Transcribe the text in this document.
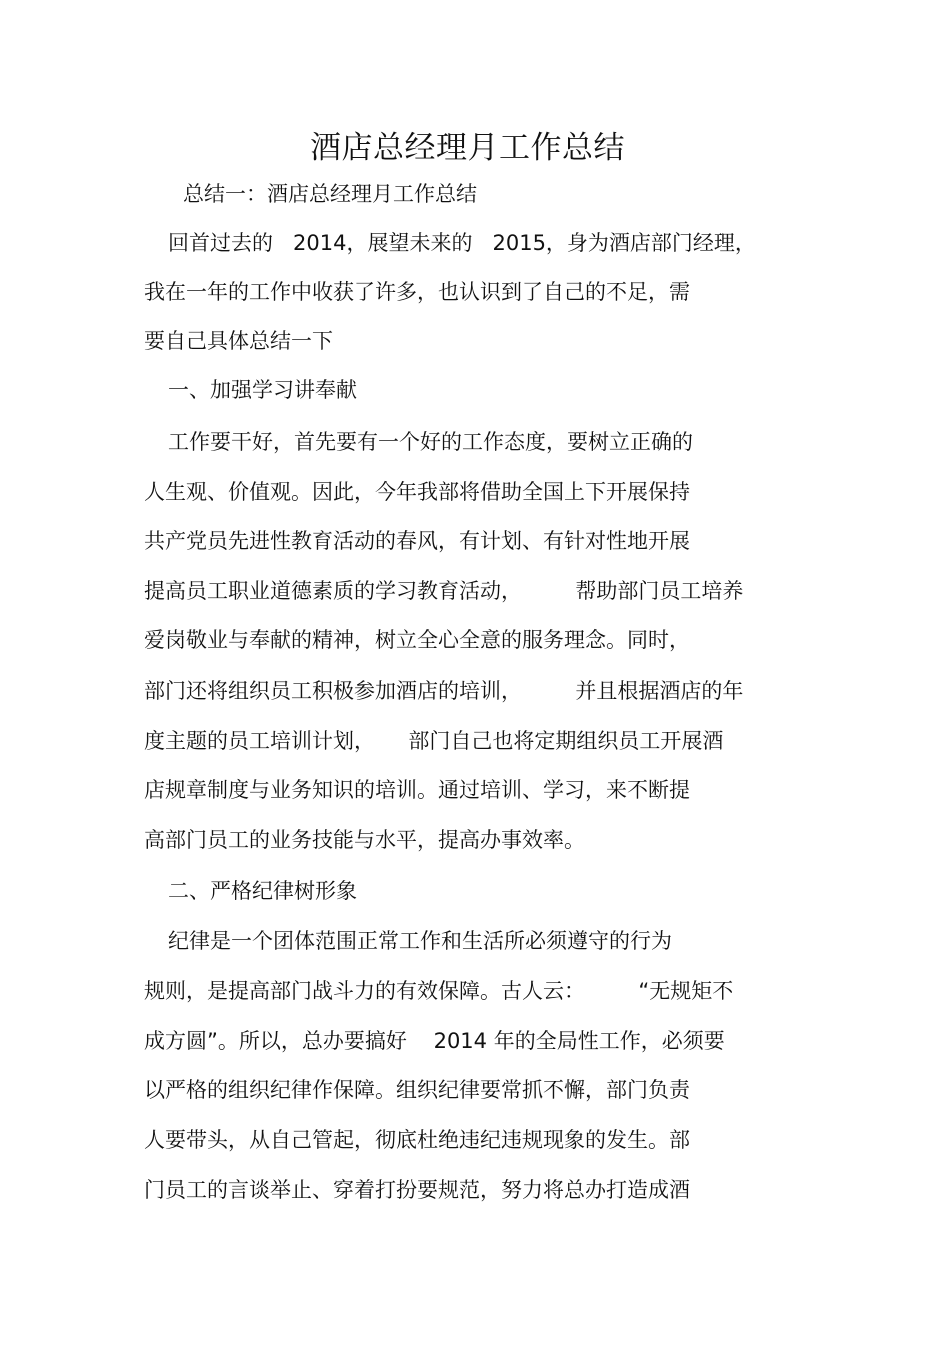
酒店总经理月工作总结
总结一：酒店总经理月工作总结
回首过去的   2014，展望未来的   2015，身为酒店部门经理，
我在一年的工作中收获了许多，也认识到了自己的不足，需
要自己具体总结一下
一、加强学习讲奉献
工作要干好，首先要有一个好的工作态度，要树立正确的
人生观、价值观。因此，今年我部将借助全国上下开展保持
共产党员先进性教育活动的春风，有计划、有针对性地开展
提高员工职业道德素质的学习教育活动，        帮助部门员工培养
爱岗敬业与奉献的精神，树立全心全意的服务理念。同时，
部门还将组织员工积极参加酒店的培训，        并且根据酒店的年
度主题的员工培训计划，     部门自己也将定期组织员工开展酒
店规章制度与业务知识的培训。通过培训、学习，来不断提
高部门员工的业务技能与水平，提高办事效率。
二、严格纪律树形象
纪律是一个团体范围正常工作和生活所必须遵守的行为
规则，是提高部门战斗力的有效保障。古人云：        “无规矩不
成方圆”。所以，总办要搞好    2014 年的全局性工作，必须要
以严格的组织纪律作保障。组织纪律要常抓不懈，部门负责
人要带头，从自己管起，彻底杜绝违纪违规现象的发生。部
门员工的言谈举止、穿着打扮要规范，努力将总办打造成酒
